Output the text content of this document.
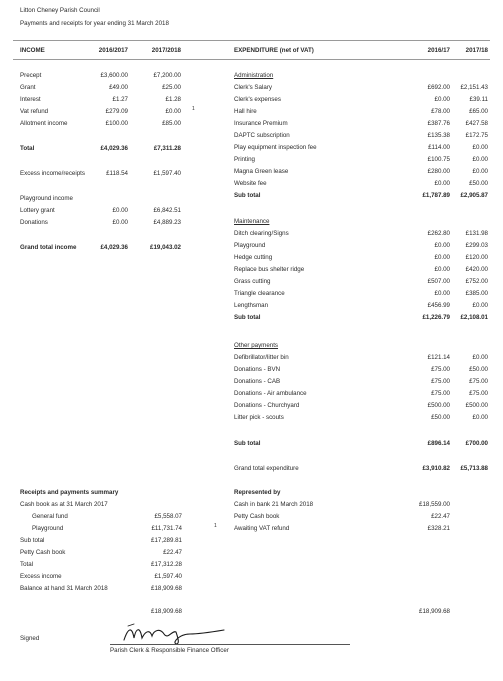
Litton Cheney Parish Council
Payments and receipts for year ending 31 March 2018
INCOME	2016/2017	2017/2018	EXPENDITURE (net of VAT)	2016/17	2017/18
Precept	£3,600.00	£7,200.00
Grant	£49.00	£25.00
Interest	£1.27	£1.28
Vat refund	£279.09	£0.00 1
Allotment income	£100.00	£85.00
Total	£4,029.36	£7,311.28
Excess income/receipts	£118.54	£1,597.40
Playground income
Lottery grant	£0.00	£6,842.51
Donations	£0.00	£4,889.23
Grand total income	£4,029.36	£19,043.02
Administration
Clerk's Salary	£692.00	£2,151.43
Clerk's expenses	£0.00	£39.11
Hall hire	£78.00	£65.00
Insurance Premium	£387.76	£427.58
DAPTC subscription	£135.38	£172.75
Play equipment inspection fee	£114.00	£0.00
Printing	£100.75	£0.00
Magna Green lease	£280.00	£0.00
Website fee	£0.00	£50.00
Sub total	£1,787.89	£2,905.87
Maintenance
Ditch clearing/Signs	£262.80	£131.98
Playground	£0.00	£299.03
Hedge cutting	£0.00	£120.00
Replace bus shelter ridge	£0.00	£420.00
Grass cutting	£507.00	£752.00
Triangle clearance	£0.00	£385.00
Lengthsman	£456.99	£0.00
Sub total	£1,226.79	£2,108.01
Other payments
Defibrillator/litter bin	£121.14	£0.00
Donations - BVN	£75.00	£50.00
Donations - CAB	£75.00	£75.00
Donations - Air ambulance	£75.00	£75.00
Donations - Churchyard	£500.00	£500.00
Litter pick - scouts	£50.00	£0.00
Sub total	£896.14	£700.00
Grand total expenditure	£3,910.82	£5,713.88
Receipts and payments summary
Cash book as at 31 March 2017
General fund	£5,558.07
Playground	£11,731.74
Sub total	£17,289.81
Petty Cash book	£22.47
Total	£17,312.28
Excess income	£1,597.40
Balance at hand 31 March 2018	£18,909.68
£18,909.68
Represented by
Cash in bank 21 March 2018	£18,559.00
Petty Cash book	£22.47
1	Awaiting VAT refund	£328.21
£18,909.68
Signed
Parish Clerk & Responsible Finance Officer
